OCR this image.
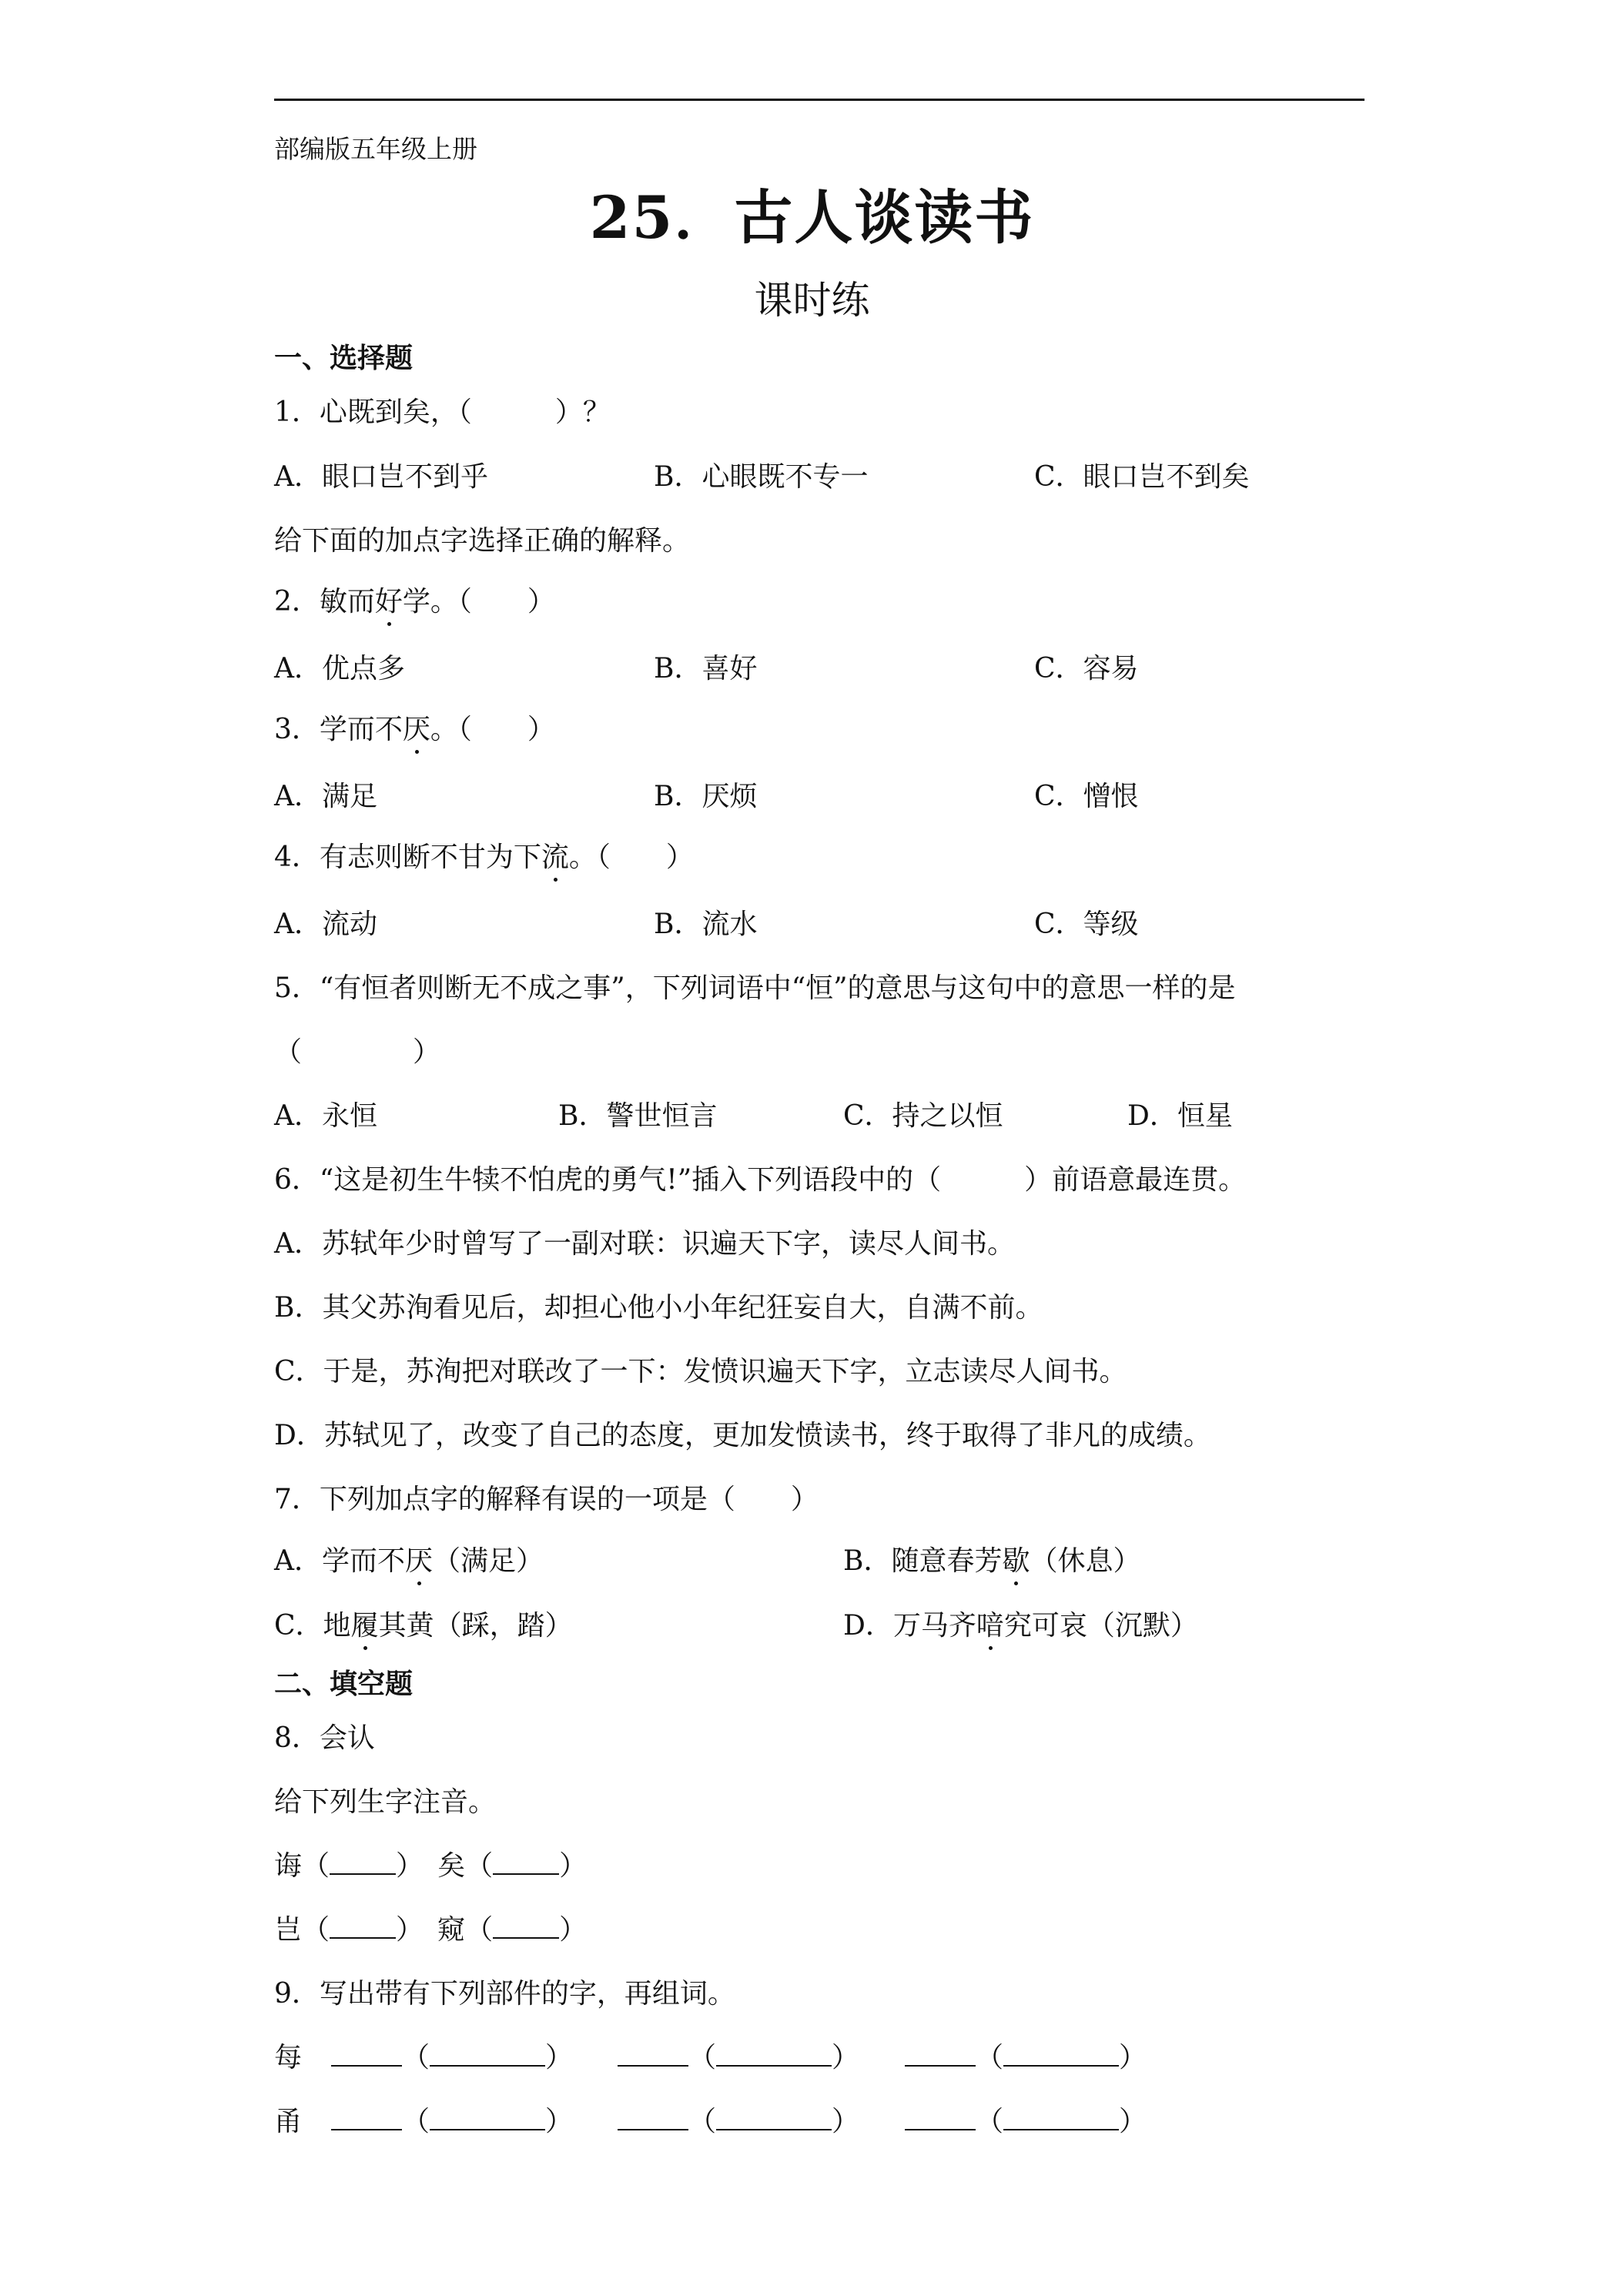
部编版五年级上册
25．古人谈读书
课时练
一、选择题
1．心既到矣，（　　　）？
A．眼口岂不到乎	B．心眼既不专一	C．眼口岂不到矣
给下面的加点字选择正确的解释。
2．敏而好学。（　　）
A．优点多	B．喜好	C．容易
3．学而不厌。（　　）
A．满足	B．厌烦	C．憎恨
4．有志则断不甘为下流。（　　）
A．流动	B．流水	C．等级
5．“有恒者则断无不成之事”，下列词语中“恒”的意思与这句中的意思一样的是
（　　　　）
A．永恒	B．警世恒言	C．持之以恒	D．恒星
6．“这是初生牛犊不怕虎的勇气!”插入下列语段中的（　　　）前语意最连贯。
A．苏轼年少时曾写了一副对联：识遍天下字，读尽人间书。
B．其父苏洵看见后，却担心他小小年纪狂妄自大，自满不前。
C．于是，苏洵把对联改了一下：发愤识遍天下字，立志读尽人间书。
D．苏轼见了，改变了自己的态度，更加发愤读书，终于取得了非凡的成绩。
7．下列加点字的解释有误的一项是（　　）
A．学而不厌（满足）	B．随意春芳歇（休息）
C．地履其黄（踩，踏）	D．万马齐喑究可哀（沉默）
二、填空题
8．会认
给下列生字注音。
诲（ ）　 矣（ ）
岂（ ）　 窥（ ）
9．写出带有下列部件的字，再组词。
每	（	）	（	）	（	）
甬	（	）	（	）	（	）
